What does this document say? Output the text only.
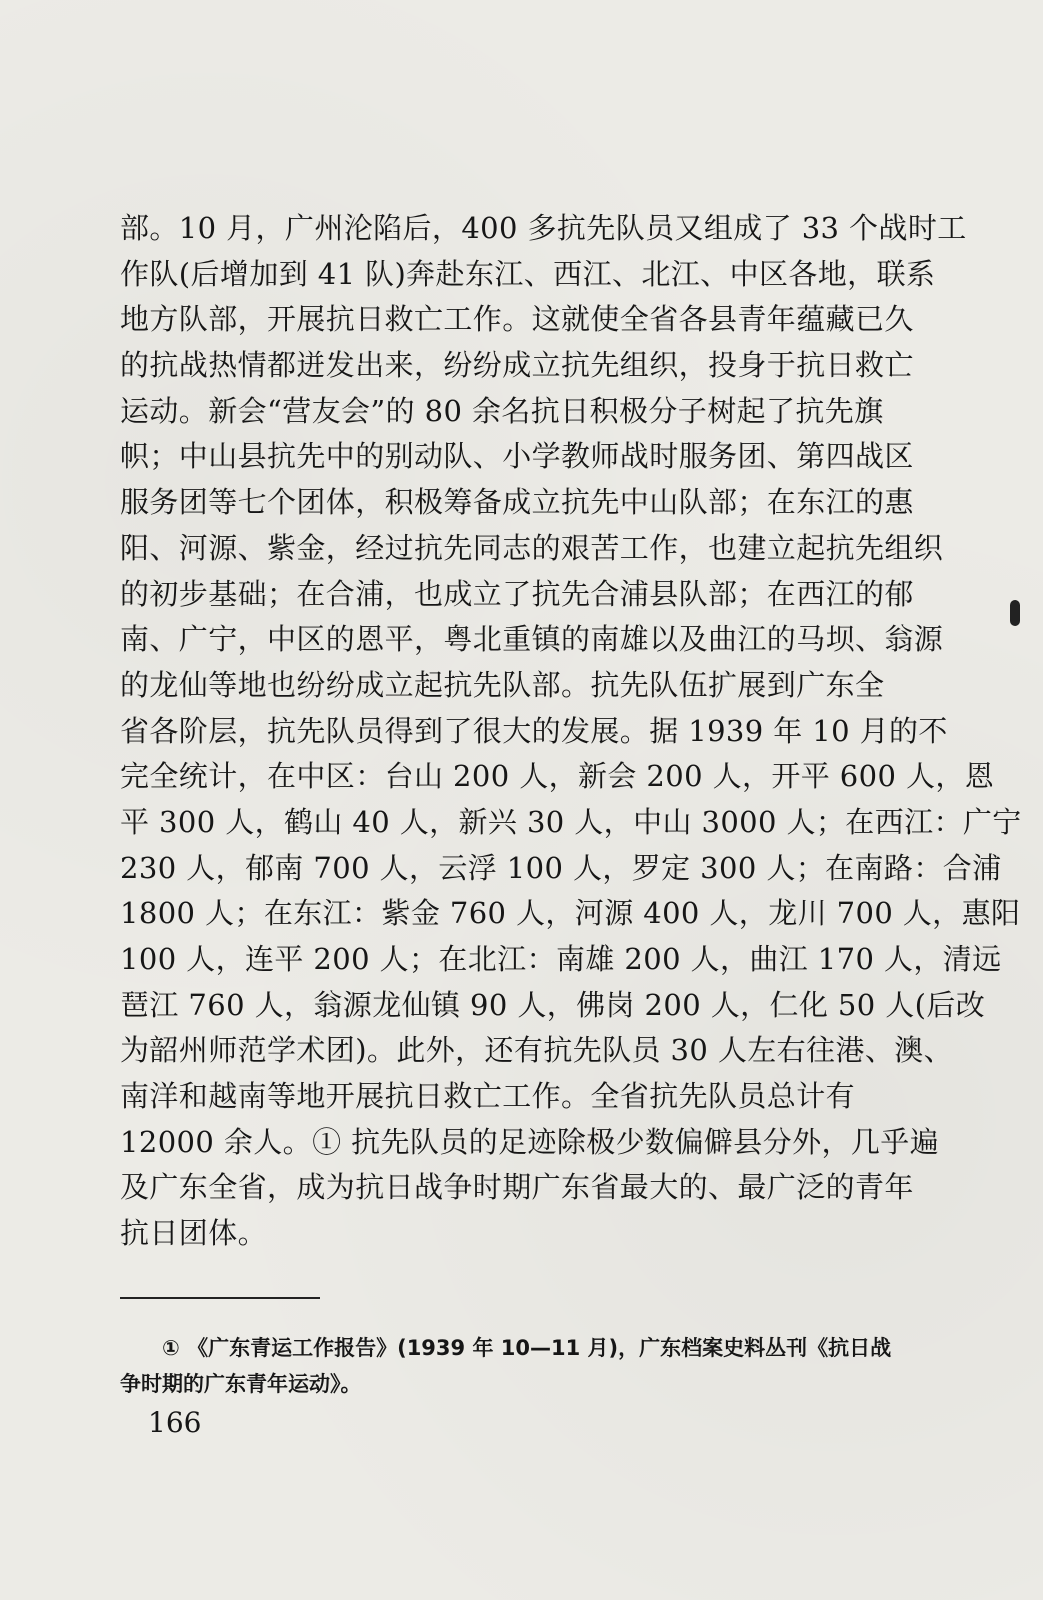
部。10 月，广州沦陷后，400 多抗先队员又组成了 33 个战时工
作队(后增加到 41 队)奔赴东江、西江、北江、中区各地，联系
地方队部，开展抗日救亡工作。这就使全省各县青年蕴藏已久
的抗战热情都迸发出来，纷纷成立抗先组织，投身于抗日救亡
运动。新会“营友会”的 80 余名抗日积极分子树起了抗先旗
帜；中山县抗先中的别动队、小学教师战时服务团、第四战区
服务团等七个团体，积极筹备成立抗先中山队部；在东江的惠
阳、河源、紫金，经过抗先同志的艰苦工作，也建立起抗先组织
的初步基础；在合浦，也成立了抗先合浦县队部；在西江的郁
南、广宁，中区的恩平，粤北重镇的南雄以及曲江的马坝、翁源
的龙仙等地也纷纷成立起抗先队部。抗先队伍扩展到广东全
省各阶层，抗先队员得到了很大的发展。据 1939 年 10 月的不
完全统计，在中区：台山 200 人，新会 200 人，开平 600 人，恩
平 300 人，鹤山 40 人，新兴 30 人，中山 3000 人；在西江：广宁
230 人，郁南 700 人，云浮 100 人，罗定 300 人；在南路：合浦
1800 人；在东江：紫金 760 人，河源 400 人，龙川 700 人，惠阳
100 人，连平 200 人；在北江：南雄 200 人，曲江 170 人，清远
琶江 760 人，翁源龙仙镇 90 人，佛岗 200 人，仁化 50 人(后改
为韶州师范学术团)。此外，还有抗先队员 30 人左右往港、澳、
南洋和越南等地开展抗日救亡工作。全省抗先队员总计有
12000 余人。① 抗先队员的足迹除极少数偏僻县分外，几乎遍
及广东全省，成为抗日战争时期广东省最大的、最广泛的青年
抗日团体。
① 《广东青运工作报告》(1939 年 10—11 月)，广东档案史料丛刊《抗日战
争时期的广东青年运动》。
166
